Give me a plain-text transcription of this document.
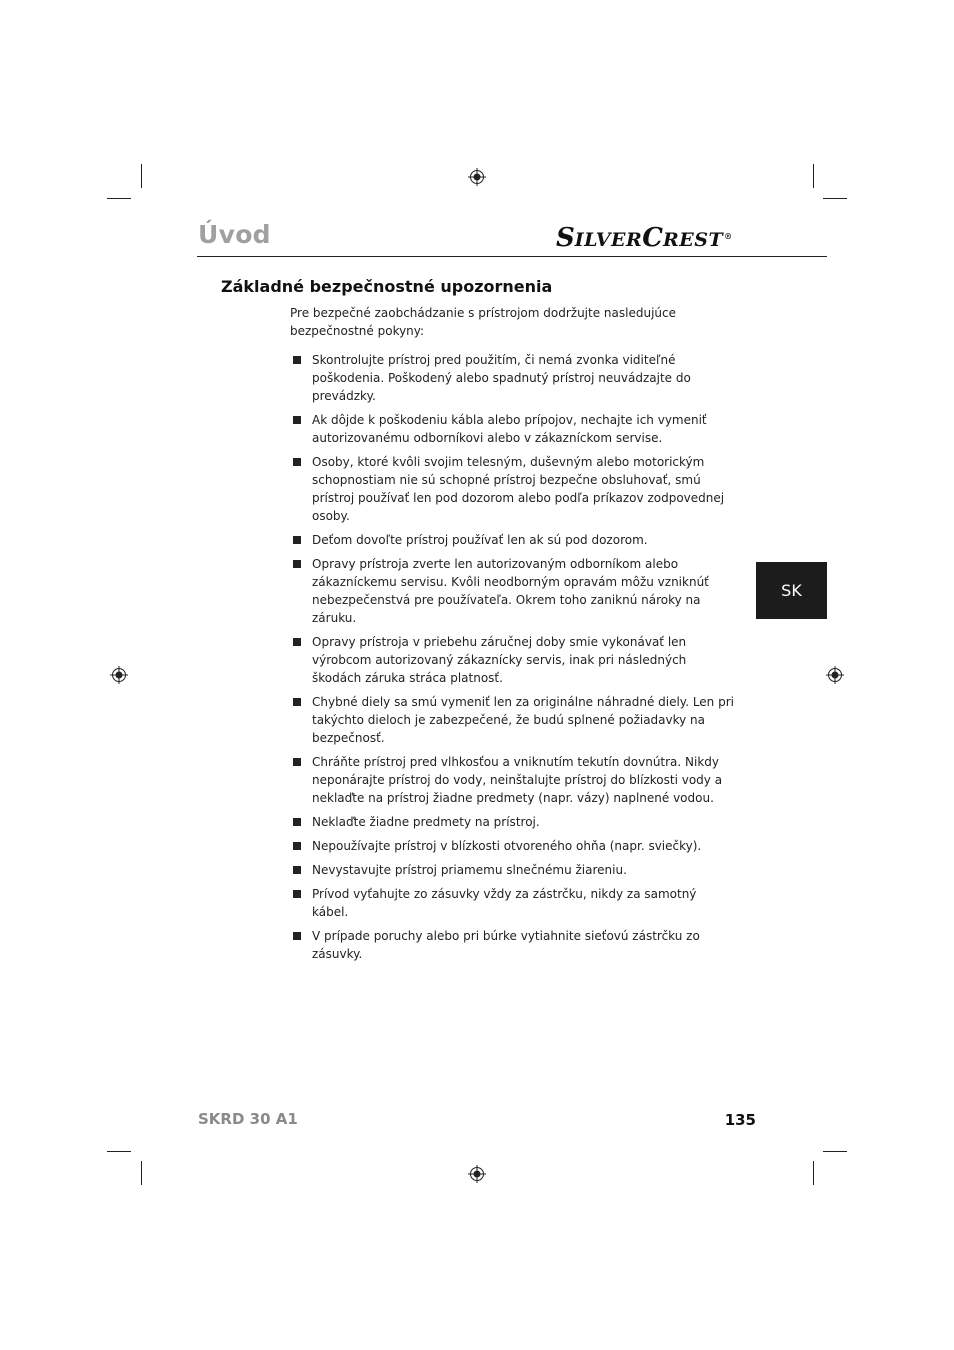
Úvod	SILVERCREST®
Základné bezpečnostné upozornenia

Pre bezpečné zaobchádzanie s prístrojom dodržujte nasledujúce bezpečnostné pokyny:

Skontrolujte prístroj pred použitím, či nemá zvonka viditeľné poškodenia. Poškodený alebo spadnutý prístroj neuvádzajte do prevádzky.
Ak dôjde k poškodeniu kábla alebo prípojov, nechajte ich vymeniť autorizovanému odborníkovi alebo v zákazníckom servise.
Osoby, ktoré kvôli svojim telesným, duševným alebo motorickým schopnostiam nie sú schopné prístroj bezpečne obsluhovať, smú prístroj používať len pod dozorom alebo podľa príkazov zodpovednej osoby.
Deťom dovoľte prístroj používať len ak sú pod dozorom.
Opravy prístroja zverte len autorizovaným odborníkom alebo zákazníckemu servisu. Kvôli neodborným opravám môžu vzniknúť nebezpečenstvá pre používateľa. Okrem toho zaniknú nároky na záruku.
Opravy prístroja v priebehu záručnej doby smie vykonávať len výrobcom autorizovaný zákaznícky servis, inak pri následných škodách záruka stráca platnosť.
Chybné diely sa smú vymeniť len za originálne náhradné diely. Len pri takýchto dieloch je zabezpečené, že budú splnené požiadavky na bezpečnosť.
Chráňte prístroj pred vlhkosťou a vniknutím tekutín dovnútra. Nikdy neponárajte prístroj do vody, neinštalujte prístroj do blízkosti vody a neklaďte na prístroj žiadne predmety (napr. vázy) naplnené vodou.
Neklaďte žiadne predmety na prístroj.
Nepoužívajte prístroj v blízkosti otvoreného ohňa (napr. sviečky).
Nevystavujte prístroj priamemu slnečnému žiareniu.
Prívod vyťahujte zo zásuvky vždy za zástrčku, nikdy za samotný kábel.
V prípade poruchy alebo pri búrke vytiahnite sieťovú zástrčku zo zásuvky.
SK
SKRD 30 A1	135
